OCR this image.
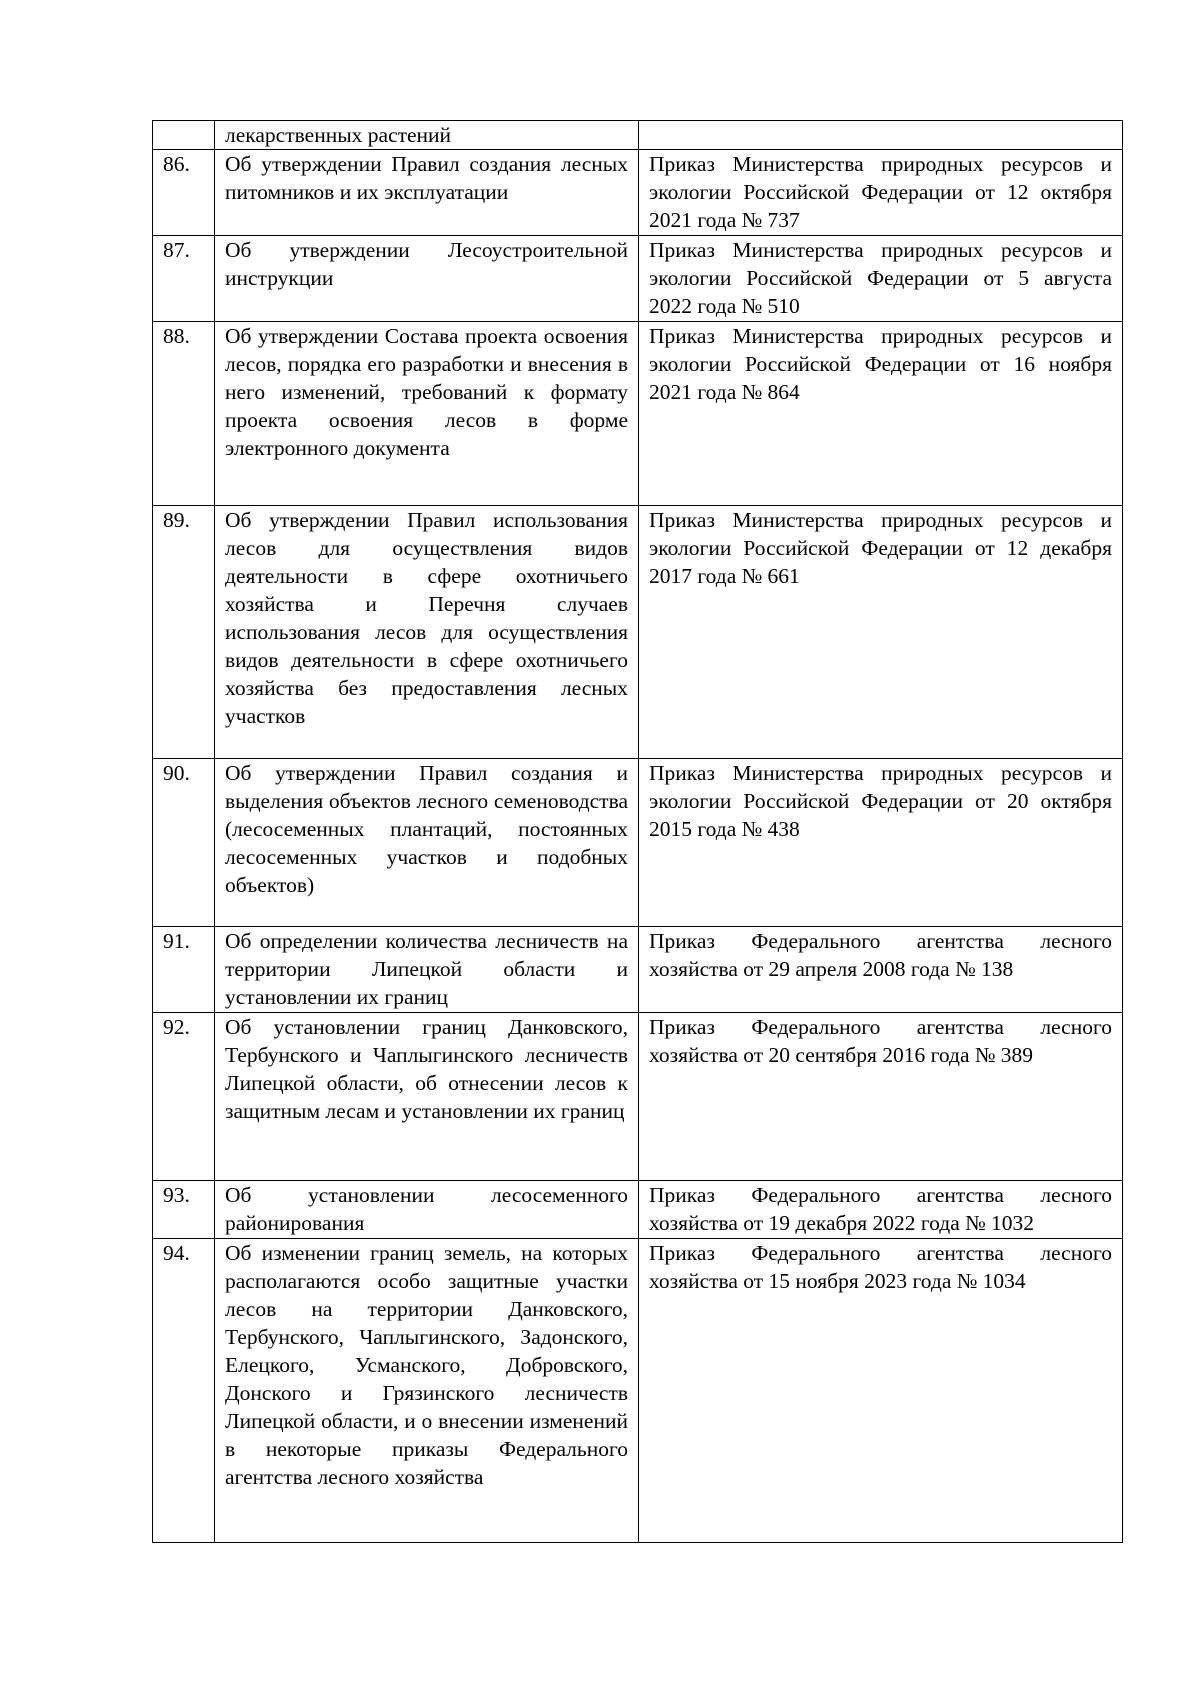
	лекарственных растений	
86.	Об утверждении Правил создания лесных питомников и их эксплуатации	Приказ Министерства природных ресурсов и экологии Российской Федерации от 12 октября 2021 года № 737
87.	Об утверждении Лесоустроительной инструкции	Приказ Министерства природных ресурсов и экологии Российской Федерации от 5 августа 2022 года № 510
88.	Об утверждении Состава проекта освоения лесов, порядка его разработки и внесения в него изменений, требований к формату проекта освоения лесов в форме электронного документа	Приказ Министерства природных ресурсов и экологии Российской Федерации от 16 ноября 2021 года № 864
89.	Об утверждении Правил использования лесов для осуществления видов деятельности в сфере охотничьего хозяйства и Перечня случаев использования лесов для осуществления видов деятельности в сфере охотничьего хозяйства без предоставления лесных участков	Приказ Министерства природных ресурсов и экологии Российской Федерации от 12 декабря 2017 года № 661
90.	Об утверждении Правил создания и выделения объектов лесного семеноводства (лесосеменных плантаций, постоянных лесосеменных участков и подобных объектов)	Приказ Министерства природных ресурсов и экологии Российской Федерации от 20 октября 2015 года № 438
91.	Об определении количества лесничеств на территории Липецкой области и установлении их границ	Приказ Федерального агентства лесного хозяйства от 29 апреля 2008 года № 138
92.	Об установлении границ Данковского, Тербунского и Чаплыгинского лесничеств Липецкой области, об отнесении лесов к защитным лесам и установлении их границ	Приказ Федерального агентства лесного хозяйства от 20 сентября 2016 года № 389
93.	Об установлении лесосеменного районирования	Приказ Федерального агентства лесного хозяйства от 19 декабря 2022 года № 1032
94.	Об изменении границ земель, на которых располагаются особо защитные участки лесов на территории Данковского, Тербунского, Чаплыгинского, Задонского, Елецкого, Усманского, Добровского, Донского и Грязинского лесничеств Липецкой области, и о внесении изменений в некоторые приказы Федерального агентства лесного хозяйства	Приказ Федерального агентства лесного хозяйства от 15 ноября 2023 года № 1034
